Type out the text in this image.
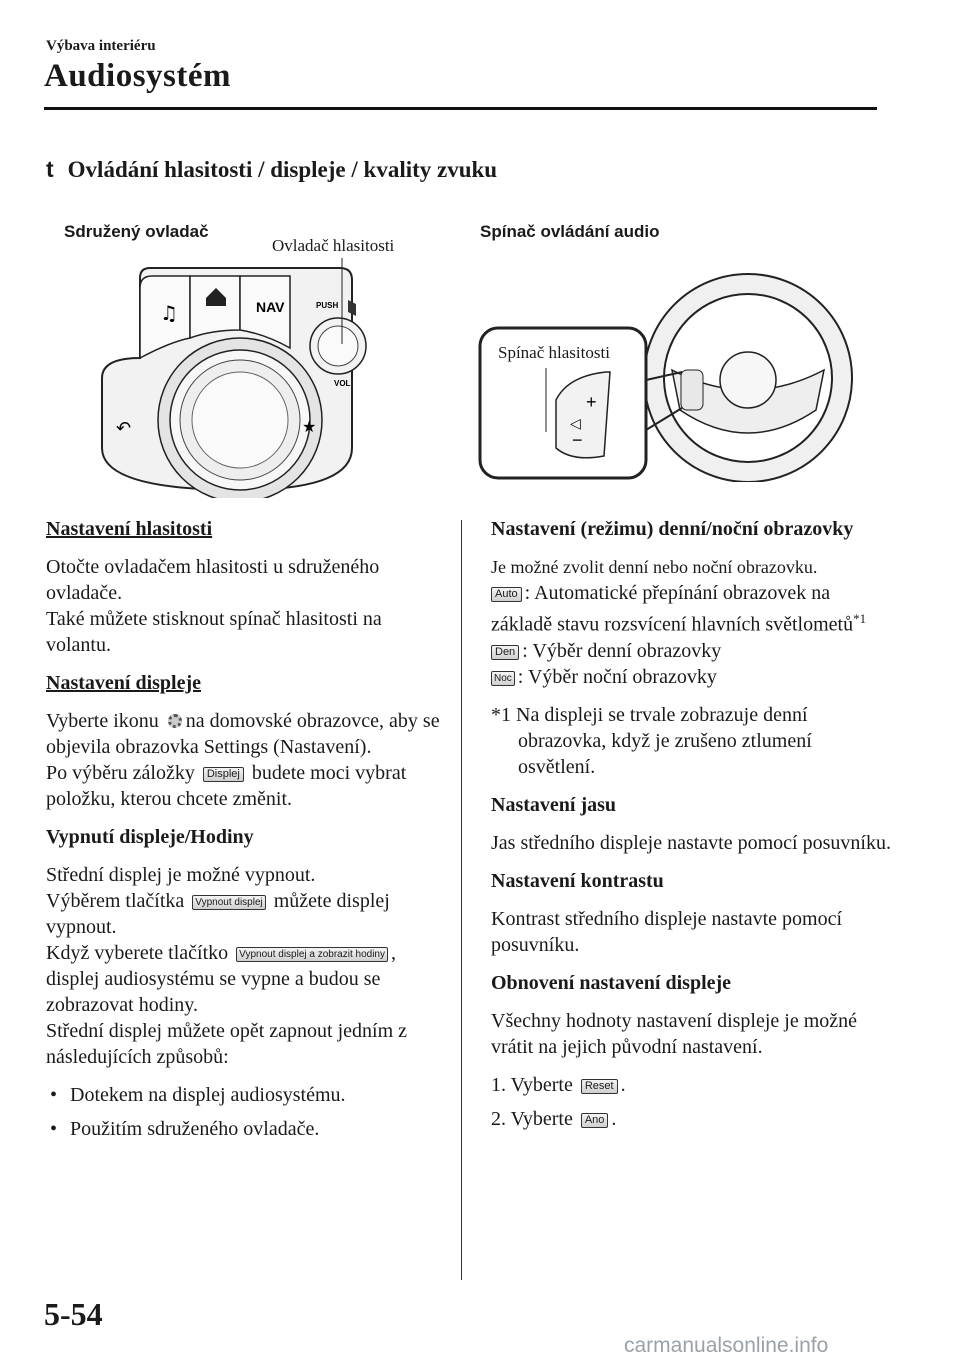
Výbava interiéru
Audiosystém
t Ovládání hlasitosti / displeje / kvality zvuku
Sdružený ovladač
Ovladač hlasitosti
Spínač ovládání audio
♫	NAV
↶	★
PUSH
VOL
+
◁
−
Spínač hlasitosti
Nastavení hlasitosti

Otočte ovladačem hlasitosti u sdruženého ovladače.

Také můžete stisknout spínač hlasitosti na volantu.

Nastavení displeje

Vyberte ikonu na domovské obrazovce, aby se objevila obrazovka Settings (Nastavení).

Po výběru záložky Displej budete moci vybrat položku, kterou chcete změnit.

Vypnutí displeje/Hodiny

Střední displej je možné vypnout.

Výběrem tlačítka Vypnout displej můžete displej vypnout.

Když vyberete tlačítko Vypnout displej a zobrazit hodiny , displej audiosystému se vypne a budou se zobrazovat hodiny.

Střední displej můžete opět zapnout jedním z následujících způsobů:

• Dotekem na displej audiosystému.
• Použitím sdruženého ovladače.
Nastavení (režimu) denní/noční obrazovky

Je možné zvolit denní nebo noční obrazovku.

Auto : Automatické přepínání obrazovek na základě stavu rozsvícení hlavních světlometů$^{*1}$

Den : Výběr denní obrazovky

Noc : Výběr noční obrazovky

*1 Na displeji se trvale zobrazuje denní obrazovka, když je zrušeno ztlumení osvětlení.

Nastavení jasu

Jas středního displeje nastavte pomocí posuvníku.

Nastavení kontrastu

Kontrast středního displeje nastavte pomocí posuvníku.

Obnovení nastavení displeje

Všechny hodnoty nastavení displeje je možné vrátit na jejich původní nastavení.

1. Vyberte Reset .
2. Vyberte Ano .
5-54
carmanualsonline.info
